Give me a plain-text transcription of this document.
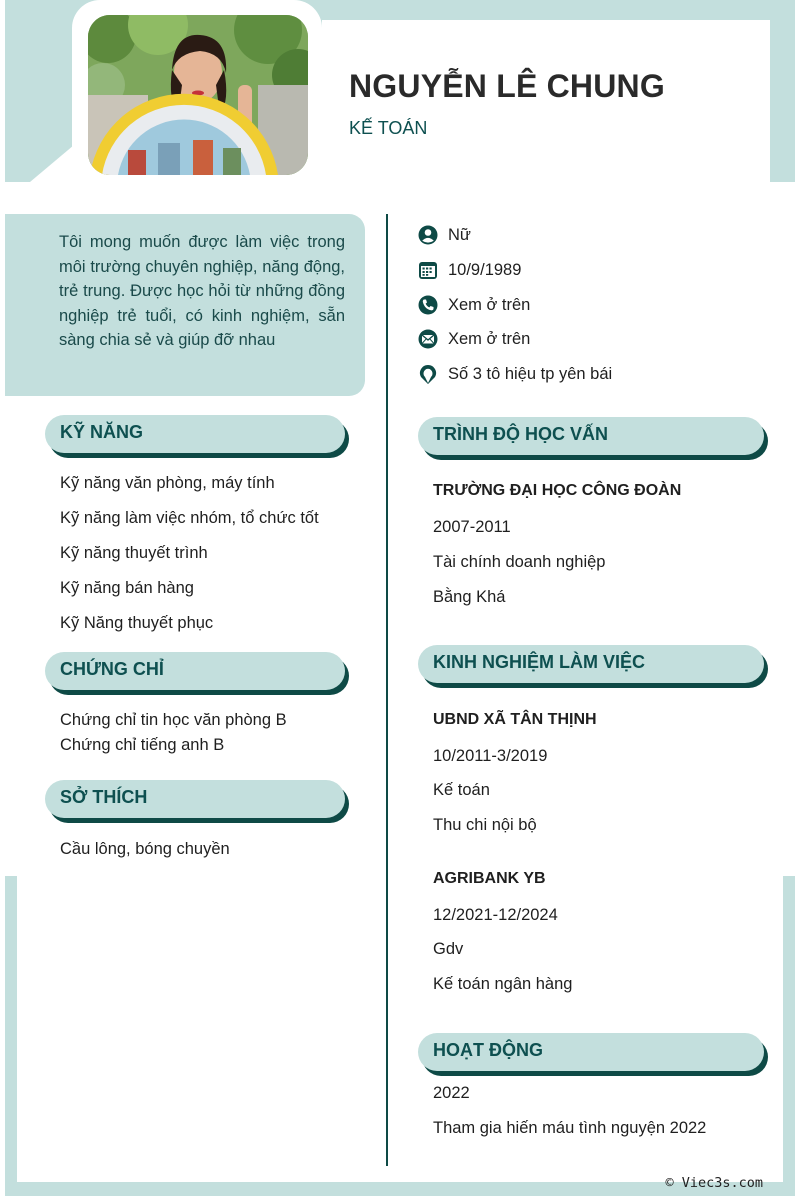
NGUYỄN LÊ CHUNG
KẾ TOÁN

Tôi mong muốn được làm việc trong môi trường chuyên nghiệp, năng động, trẻ trung. Được học hỏi từ những đồng nghiệp trẻ tuổi, có kinh nghiệm, sẵn sàng chia sẻ và giúp đỡ nhau

KỸ NĂNG
Kỹ năng văn phòng, máy tính
Kỹ năng làm việc nhóm, tổ chức tốt
Kỹ năng thuyết trình
Kỹ năng bán hàng
Kỹ Năng thuyết phục
CHỨNG CHỈ
Chứng chỉ tin học văn phòng B
Chứng chỉ tiếng anh B
SỞ THÍCH
Cầu lông, bóng chuyền
Nữ
10/9/1989
Xem ở trên
Xem ở trên
Số 3 tô hiệu tp yên bái
TRÌNH ĐỘ HỌC VẤN
TRƯỜNG ĐẠI HỌC CÔNG ĐOÀN
2007-2011
Tài chính doanh nghiệp
Bằng Khá
KINH NGHIỆM LÀM VIỆC
UBND XÃ TÂN THỊNH
10/2011-3/2019
Kế toán
Thu chi nội bộ
AGRIBANK YB
12/2021-12/2024
Gdv
Kế toán ngân hàng
HOẠT ĐỘNG
2022
Tham gia hiến máu tình nguyện 2022
© Viec3s.com
